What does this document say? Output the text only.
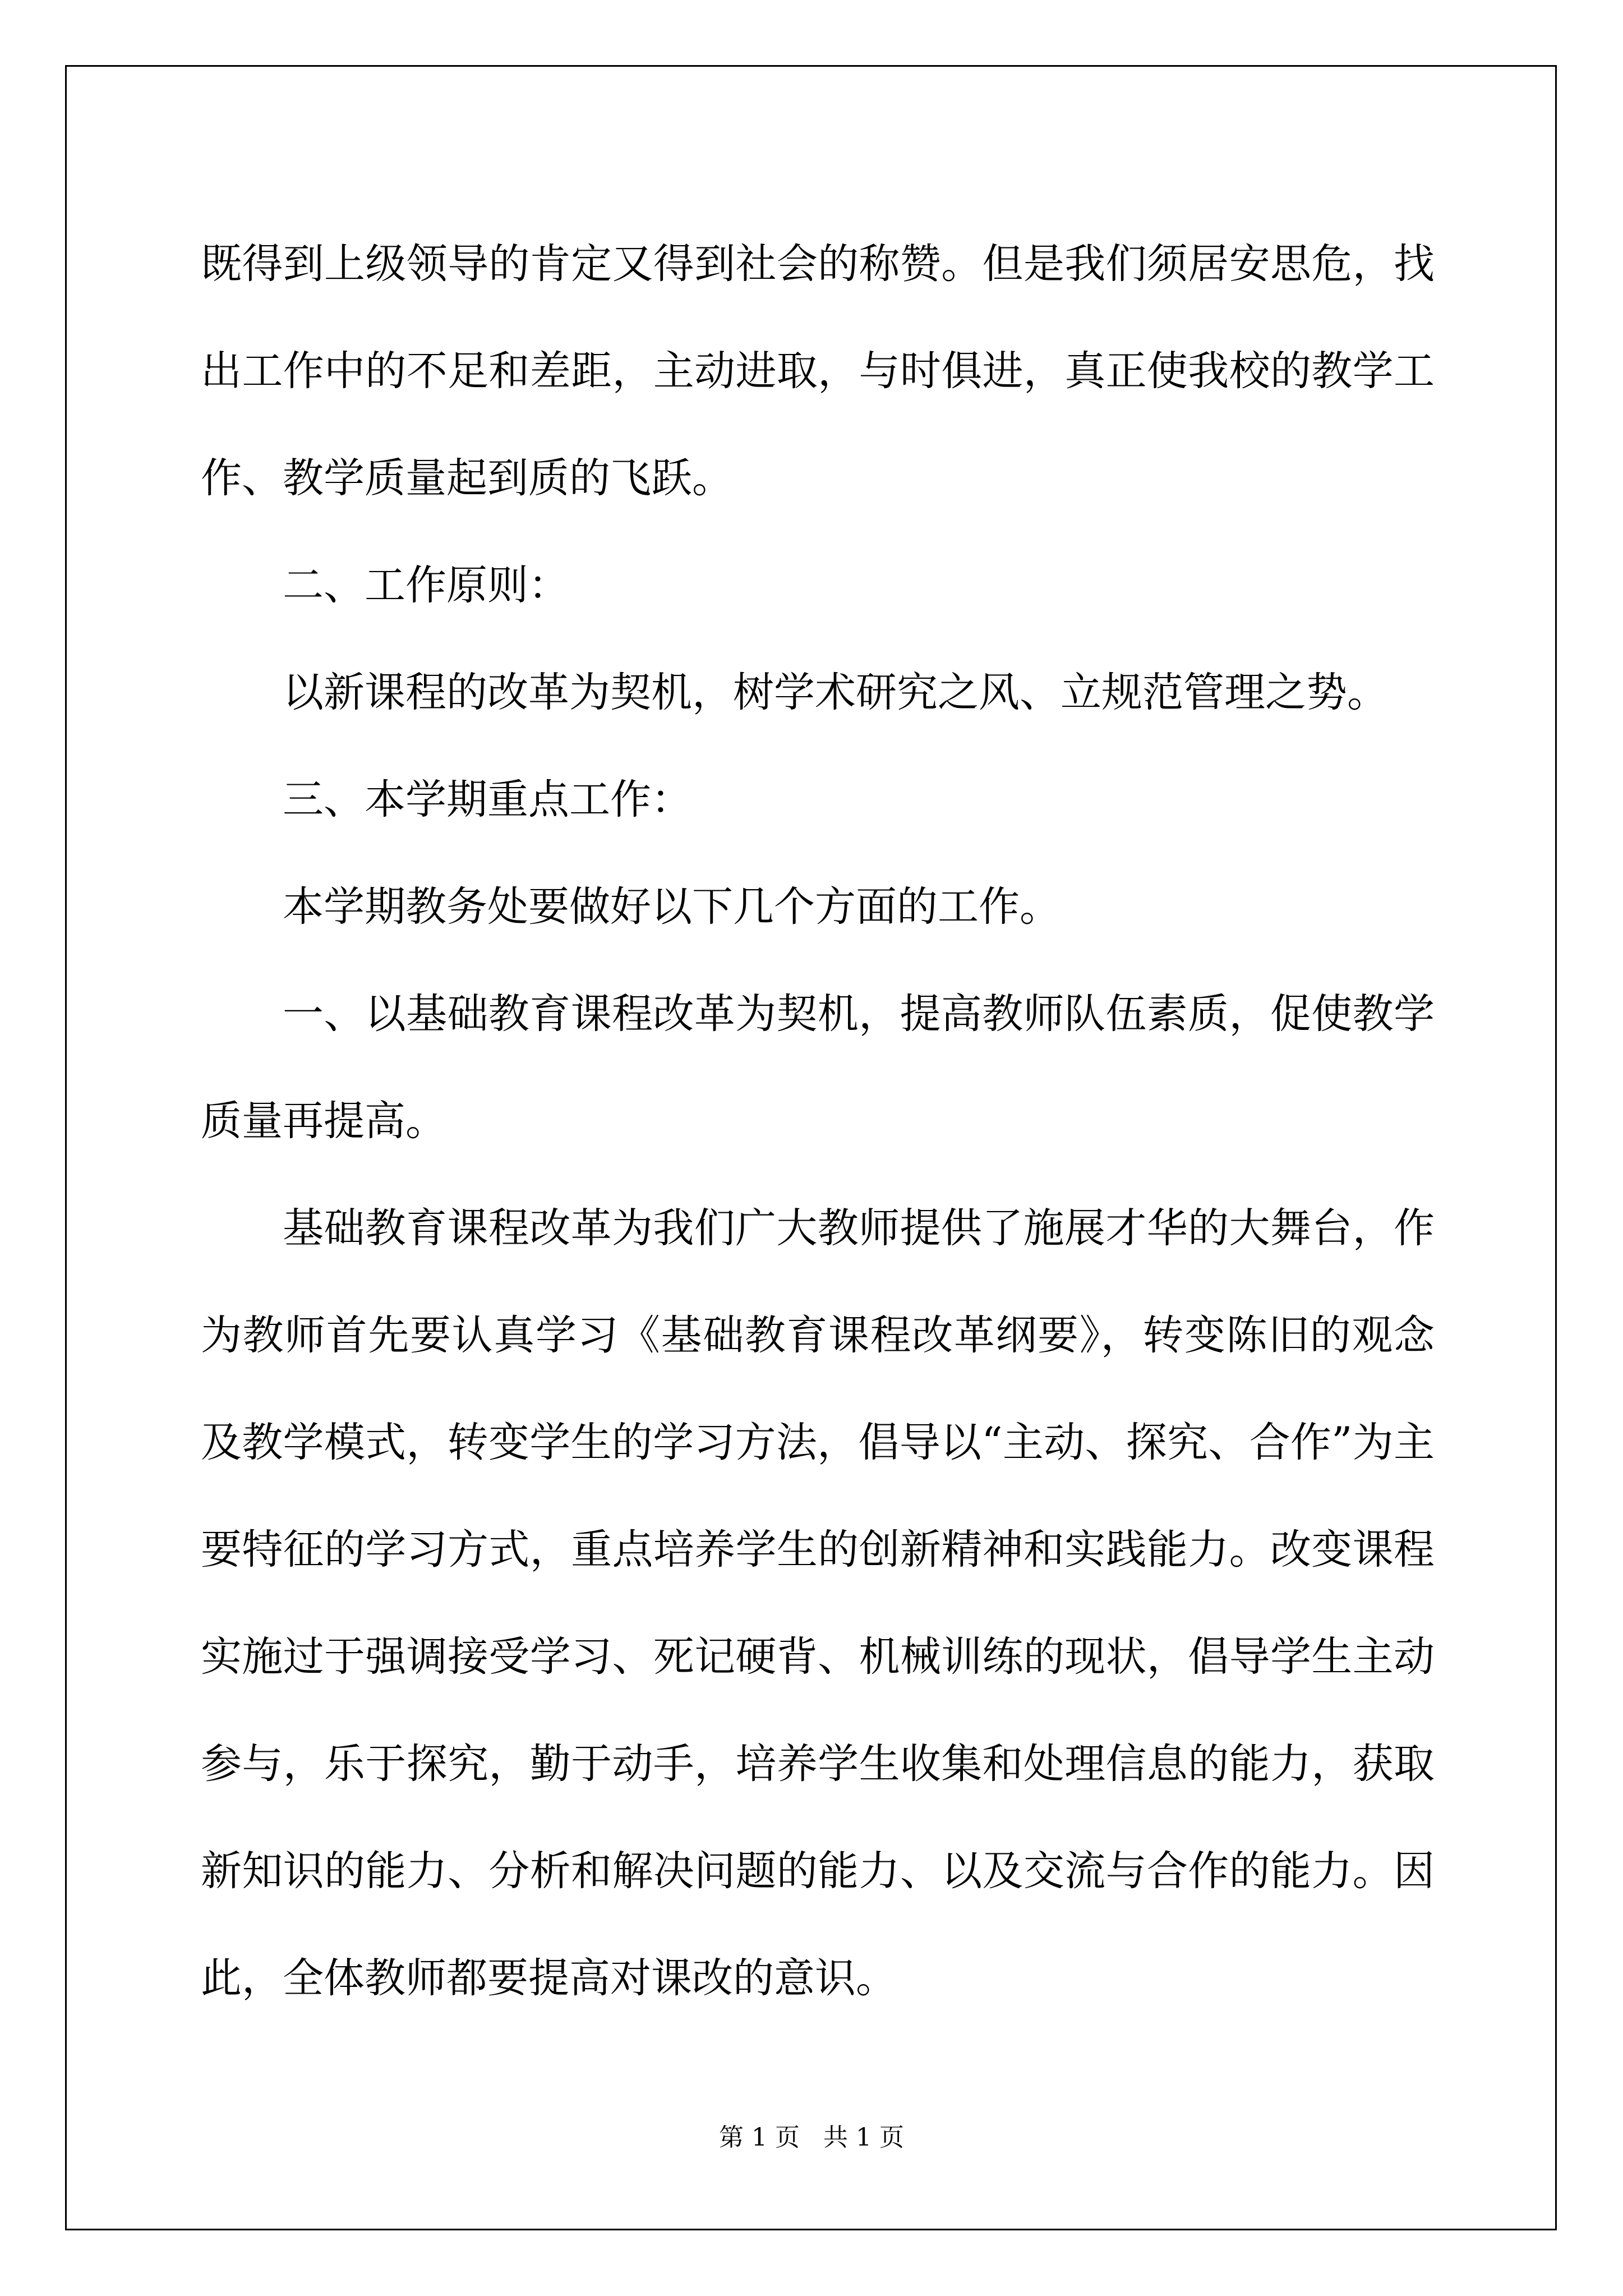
既得到上级领导的肯定又得到社会的称赞。但是我们须居安思危，找出工作中的不足和差距，主动进取，与时俱进，真正使我校的教学工作、教学质量起到质的飞跃。

二、工作原则：

以新课程的改革为契机，树学术研究之风、立规范管理之势。

三、本学期重点工作：

本学期教务处要做好以下几个方面的工作。

一、以基础教育课程改革为契机，提高教师队伍素质，促使教学质量再提高。

基础教育课程改革为我们广大教师提供了施展才华的大舞台，作为教师首先要认真学习《基础教育课程改革纲要》，转变陈旧的观念及教学模式，转变学生的学习方法，倡导以“主动、探究、合作”为主要特征的学习方式，重点培养学生的创新精神和实践能力。改变课程实施过于强调接受学习、死记硬背、机械训练的现状，倡导学生主动参与，乐于探究，勤于动手，培养学生收集和处理信息的能力，获取新知识的能力、分析和解决问题的能力、以及交流与合作的能力。因此，全体教师都要提高对课改的意识。

第 1 页   共 1 页
